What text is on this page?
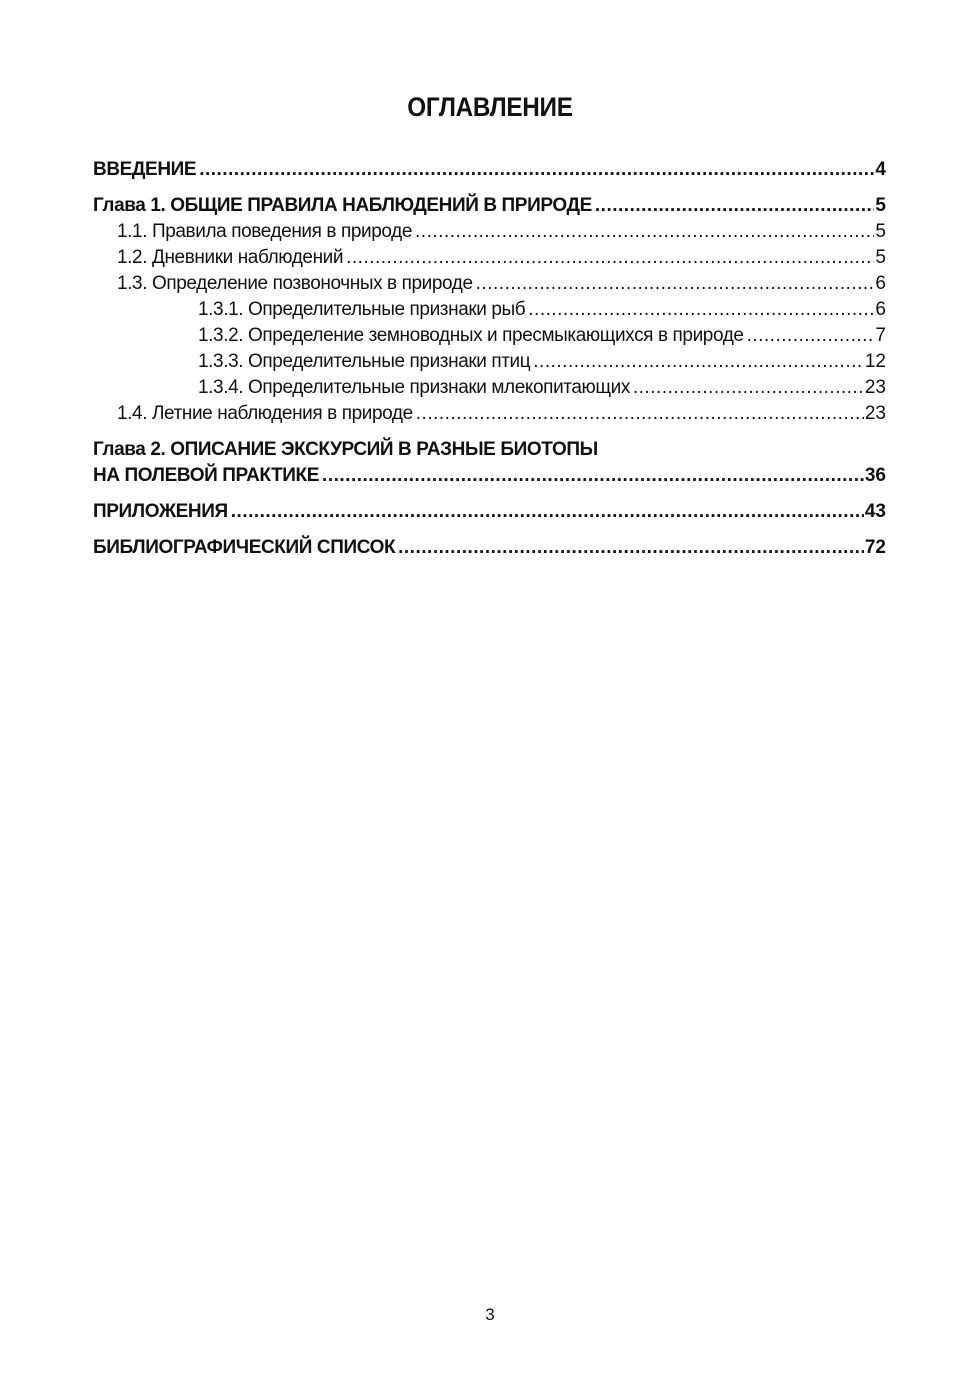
ОГЛАВЛЕНИЕ
ВВЕДЕНИЕ .....	4
Глава 1. ОБЩИЕ ПРАВИЛА НАБЛЮДЕНИЙ В ПРИРОДЕ .....	5
1.1. Правила поведения в природе .....	5
1.2. Дневники наблюдений .....	5
1.3. Определение позвоночных в природе .....	6
1.3.1. Определительные признаки рыб .....	6
1.3.2. Определение земноводных и пресмыкающихся в природе .....	7
1.3.3. Определительные признаки птиц .....	12
1.3.4. Определительные признаки млекопитающих .....	23
1.4. Летние наблюдения в природе .....	23
Глава 2. ОПИСАНИЕ ЭКСКУРСИЙ В РАЗНЫЕ БИОТОПЫ
НА ПОЛЕВОЙ ПРАКТИКЕ .....	36
ПРИЛОЖЕНИЯ .....	43
БИБЛИОГРАФИЧЕСКИЙ СПИСОК .....	72
3
